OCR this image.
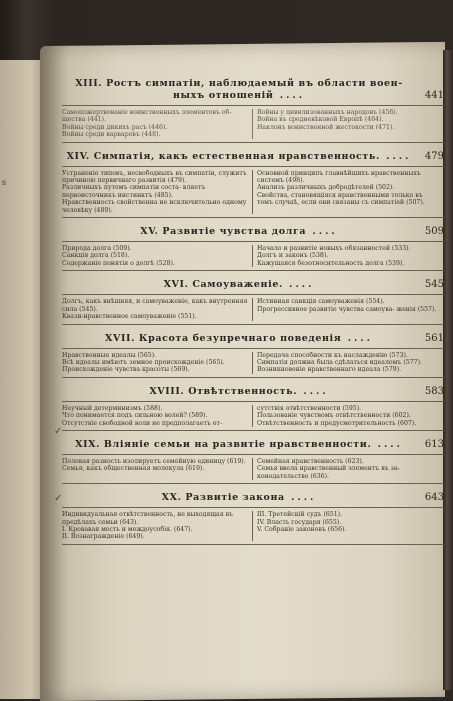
s
XIII. Ростъ симпатіи, наблюдаемый въ области воен- ныхъ отношеній ....	441

Самопожертвованіе воинственныхъ элементовъ об- щества (441).

Войны среди дикихъ расъ (446).

Войны среди варваровъ (448).

Войны у цивилизованныхъ народовъ (456).

Война въ средневѣковой Европѣ (464).

Наклонъ воинственной жестокости (471).

XIV. Симпатія, какъ естественная нравственность. .... 479

Устраненіе типовъ, несвободныхъ въ симпатіи, служитъ причиною первичнаго развитія (479).

Различныхъ путемъ симпатіи соста- вляетъ первоисточникъ инстинктъ (485).

Нравственность свойственна не исключительно одному человѣку (489).

Основной принципъ главнѣйшихъ нравственныхъ системъ (498).

Анализъ различныхъ добродѣтелей (502).

Свойства, становящіяся нравственными только въ томъ случаѣ, если они связаны съ симпатіей (507).

XV. Развитіе чувства долга ....	509

Природа долга (509).

Санкція долга (518).

Содержаніе понятія о долгѣ (528).

Начало и развитіе новыхъ обязанностей (533).

Долгъ и законъ (538).

Кажущаяся безотносительность долга (539).

XVI. Самоуваженіе. ....	545

Долгъ, какъ внѣшняя, и самоуваженіе, какъ внутренняя сила (545).

Квази-нравственное самоуваженіе (551).

Истинная санкція самоуваженія (554).

Прогрессивное развитіе чувства самоува- женія (557).

XVII. Красота безупречнаго поведенія ....	561

Нравственные идеалы (565).

Всѣ идеалы имѣютъ земное происхожденіе (565).

Происхожденіе чувства красоты (569).

Передача способности къ наслажденію (573).

Симпатія должна была сдѣлаться идеаломъ (577).

Возникновеніе нравственнаго идеала (579).

XVIII. Отвѣтственность. ....	583

Научный детерминизмъ (588).

Что понимается подъ сильною волей? (589).

Отсутствіе свободной воли не предполагаетъ от-

сутствія отвѣтственности (595).

Пользованіе чувствомъ отвѣтственности (602).

Отвѣтственность и предусмотрительность (607).

XIX. Вліяніе семьи на развитіе нравственности. .... 613

Половая разность изолируетъ семейную единицу (619).

Семья, какъ общественная молекула (619).

Семейная нравственность (623).

Семья ввела нравственный элементъ въ за- конодательство (636).

XX. Развитіе закона ....	643

Индивидуальная отвѣтственность, не выходящая въ предѣлахъ семьи (643).

I. Кровавая месть и междоусобія. (647).

II. Вознагражденіе (649).

III. Третейскій судъ (651).

IV. Власть государя (655).

V. Собраніе законовъ (656).

✓
✓
